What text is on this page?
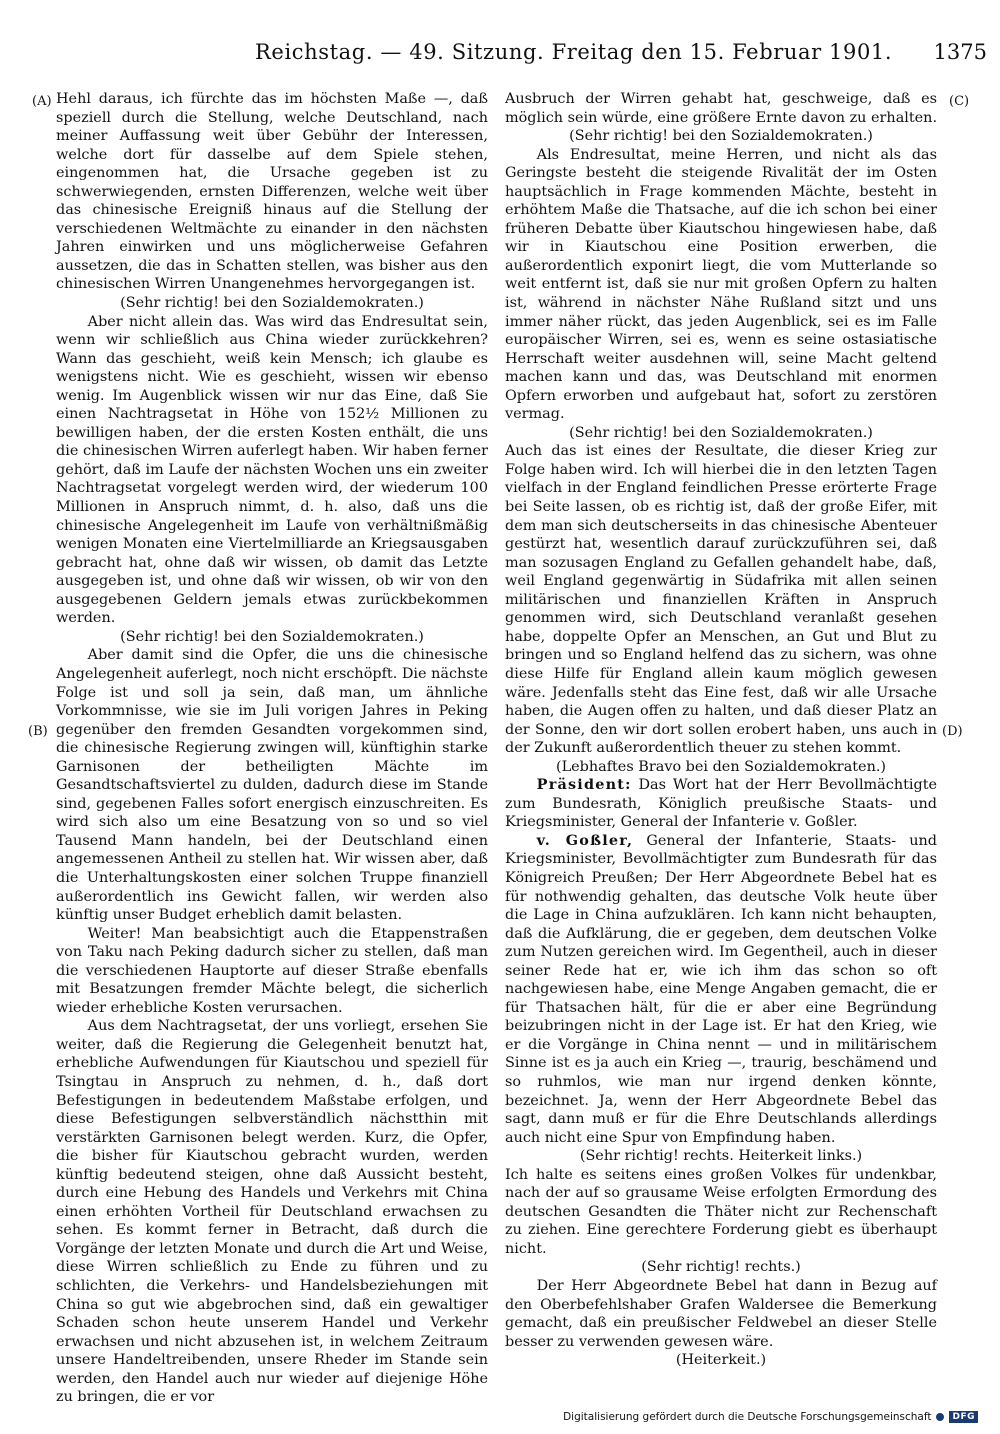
Reichstag. — 49. Sitzung. Freitag den 15. Februar 1901. 1375
(A)
(B)
(C)
(D)

Hehl daraus, ich fürchte das im höchsten Maße —, daß speziell durch die Stellung, welche Deutschland, nach meiner Auffassung weit über Gebühr der Interessen, welche dort für dasselbe auf dem Spiele stehen, eingenommen hat, die Ursache gegeben ist zu schwerwiegenden, ernsten Differenzen, welche weit über das chinesische Ereigniß hinaus auf die Stellung der verschiedenen Weltmächte zu einander in den nächsten Jahren einwirken und uns möglicherweise Gefahren aussetzen, die das in Schatten stellen, was bisher aus den chinesischen Wirren Unangenehmes hervorgegangen ist.

(Sehr richtig! bei den Sozialdemokraten.)

Aber nicht allein das. Was wird das Endresultat sein, wenn wir schließlich aus China wieder zurückkehren? Wann das geschieht, weiß kein Mensch; ich glaube es wenigstens nicht. Wie es geschieht, wissen wir ebenso wenig. Im Augenblick wissen wir nur das Eine, daß Sie einen Nachtragsetat in Höhe von 152½ Millionen zu bewilligen haben, der die ersten Kosten enthält, die uns die chinesischen Wirren auferlegt haben. Wir haben ferner gehört, daß im Laufe der nächsten Wochen uns ein zweiter Nachtragsetat vorgelegt werden wird, der wiederum 100 Millionen in Anspruch nimmt, d. h. also, daß uns die chinesische Angelegenheit im Laufe von verhältnißmäßig wenigen Monaten eine Viertelmilliarde an Kriegsausgaben gebracht hat, ohne daß wir wissen, ob damit das Letzte ausgegeben ist, und ohne daß wir wissen, ob wir von den ausgegebenen Geldern jemals etwas zurückbekommen werden.

(Sehr richtig! bei den Sozialdemokraten.)

Aber damit sind die Opfer, die uns die chinesische Angelegenheit auferlegt, noch nicht erschöpft. Die nächste Folge ist und soll ja sein, daß man, um ähnliche Vorkommnisse, wie sie im Juli vorigen Jahres in Peking gegenüber den fremden Gesandten vorgekommen sind, die chinesische Regierung zwingen will, künftighin starke Garnisonen der betheiligten Mächte im Gesandtschaftsviertel zu dulden, dadurch diese im Stande sind, gegebenen Falles sofort energisch einzuschreiten. Es wird sich also um eine Besatzung von so und so viel Tausend Mann handeln, bei der Deutschland einen angemessenen Antheil zu stellen hat. Wir wissen aber, daß die Unterhaltungskosten einer solchen Truppe finanziell außerordentlich ins Gewicht fallen, wir werden also künftig unser Budget erheblich damit belasten.

Weiter! Man beabsichtigt auch die Etappenstraßen von Taku nach Peking dadurch sicher zu stellen, daß man die verschiedenen Hauptorte auf dieser Straße ebenfalls mit Besatzungen fremder Mächte belegt, die sicherlich wieder erhebliche Kosten verursachen.

Aus dem Nachtragsetat, der uns vorliegt, ersehen Sie weiter, daß die Regierung die Gelegenheit benutzt hat, erhebliche Aufwendungen für Kiautschou und speziell für Tsingtau in Anspruch zu nehmen, d. h., daß dort Befestigungen in bedeutendem Maßstabe erfolgen, und diese Befestigungen selbverständlich nächstthin mit verstärkten Garnisonen belegt werden. Kurz, die Opfer, die bisher für Kiautschou gebracht wurden, werden künftig bedeutend steigen, ohne daß Aussicht besteht, durch eine Hebung des Handels und Verkehrs mit China einen erhöhten Vortheil für Deutschland erwachsen zu sehen. Es kommt ferner in Betracht, daß durch die Vorgänge der letzten Monate und durch die Art und Weise, diese Wirren schließlich zu Ende zu führen und zu schlichten, die Verkehrs- und Handelsbeziehungen mit China so gut wie abgebrochen sind, daß ein gewaltiger Schaden schon heute unserem Handel und Verkehr erwachsen und nicht abzusehen ist, in welchem Zeitraum unsere Handeltreibenden, unsere Rheder im Stande sein werden, den Handel auch nur wieder auf diejenige Höhe zu bringen, die er vor

Ausbruch der Wirren gehabt hat, geschweige, daß es möglich sein würde, eine größere Ernte davon zu erhalten.

(Sehr richtig! bei den Sozialdemokraten.)

Als Endresultat, meine Herren, und nicht als das Geringste besteht die steigende Rivalität der im Osten hauptsächlich in Frage kommenden Mächte, besteht in erhöhtem Maße die Thatsache, auf die ich schon bei einer früheren Debatte über Kiautschou hingewiesen habe, daß wir in Kiautschou eine Position erwerben, die außerordentlich exponirt liegt, die vom Mutterlande so weit entfernt ist, daß sie nur mit großen Opfern zu halten ist, während in nächster Nähe Rußland sitzt und uns immer näher rückt, das jeden Augenblick, sei es im Falle europäischer Wirren, sei es, wenn es seine ostasiatische Herrschaft weiter ausdehnen will, seine Macht geltend machen kann und das, was Deutschland mit enormen Opfern erworben und aufgebaut hat, sofort zu zerstören vermag.

(Sehr richtig! bei den Sozialdemokraten.)

Auch das ist eines der Resultate, die dieser Krieg zur Folge haben wird. Ich will hierbei die in den letzten Tagen vielfach in der England feindlichen Presse erörterte Frage bei Seite lassen, ob es richtig ist, daß der große Eifer, mit dem man sich deutscherseits in das chinesische Abenteuer gestürzt hat, wesentlich darauf zurückzuführen sei, daß man sozusagen England zu Gefallen gehandelt habe, daß, weil England gegenwärtig in Südafrika mit allen seinen militärischen und finanziellen Kräften in Anspruch genommen wird, sich Deutschland veranlaßt gesehen habe, doppelte Opfer an Menschen, an Gut und Blut zu bringen und so England helfend das zu sichern, was ohne diese Hilfe für England allein kaum möglich gewesen wäre. Jedenfalls steht das Eine fest, daß wir alle Ursache haben, die Augen offen zu halten, und daß dieser Platz an der Sonne, den wir dort sollen erobert haben, uns auch in der Zukunft außerordentlich theuer zu stehen kommt.

(Lebhaftes Bravo bei den Sozialdemokraten.)

Präsident: Das Wort hat der Herr Bevollmächtigte zum Bundesrath, Königlich preußische Staats- und Kriegsminister, General der Infanterie v. Goßler.

v. Goßler, General der Infanterie, Staats- und Kriegsminister, Bevollmächtigter zum Bundesrath für das Königreich Preußen; Der Herr Abgeordnete Bebel hat es für nothwendig gehalten, das deutsche Volk heute über die Lage in China aufzuklären. Ich kann nicht behaupten, daß die Aufklärung, die er gegeben, dem deutschen Volke zum Nutzen gereichen wird. Im Gegentheil, auch in dieser seiner Rede hat er, wie ich ihm das schon so oft nachgewiesen habe, eine Menge Angaben gemacht, die er für Thatsachen hält, für die er aber eine Begründung beizubringen nicht in der Lage ist. Er hat den Krieg, wie er die Vorgänge in China nennt — und in militärischem Sinne ist es ja auch ein Krieg —, traurig, beschämend und so ruhmlos, wie man nur irgend denken könnte, bezeichnet. Ja, wenn der Herr Abgeordnete Bebel das sagt, dann muß er für die Ehre Deutschlands allerdings auch nicht eine Spur von Empfindung haben.

(Sehr richtig! rechts. Heiterkeit links.)

Ich halte es seitens eines großen Volkes für undenkbar, nach der auf so grausame Weise erfolgten Ermordung des deutschen Gesandten die Thäter nicht zur Rechenschaft zu ziehen. Eine gerechtere Forderung giebt es überhaupt nicht.

(Sehr richtig! rechts.)

Der Herr Abgeordnete Bebel hat dann in Bezug auf den Oberbefehlshaber Grafen Waldersee die Bemerkung gemacht, daß ein preußischer Feldwebel an dieser Stelle besser zu verwenden gewesen wäre.

(Heiterkeit.)

Digitalisierung gefördert durch die Deutsche Forschungsgemeinschaft	DFG
